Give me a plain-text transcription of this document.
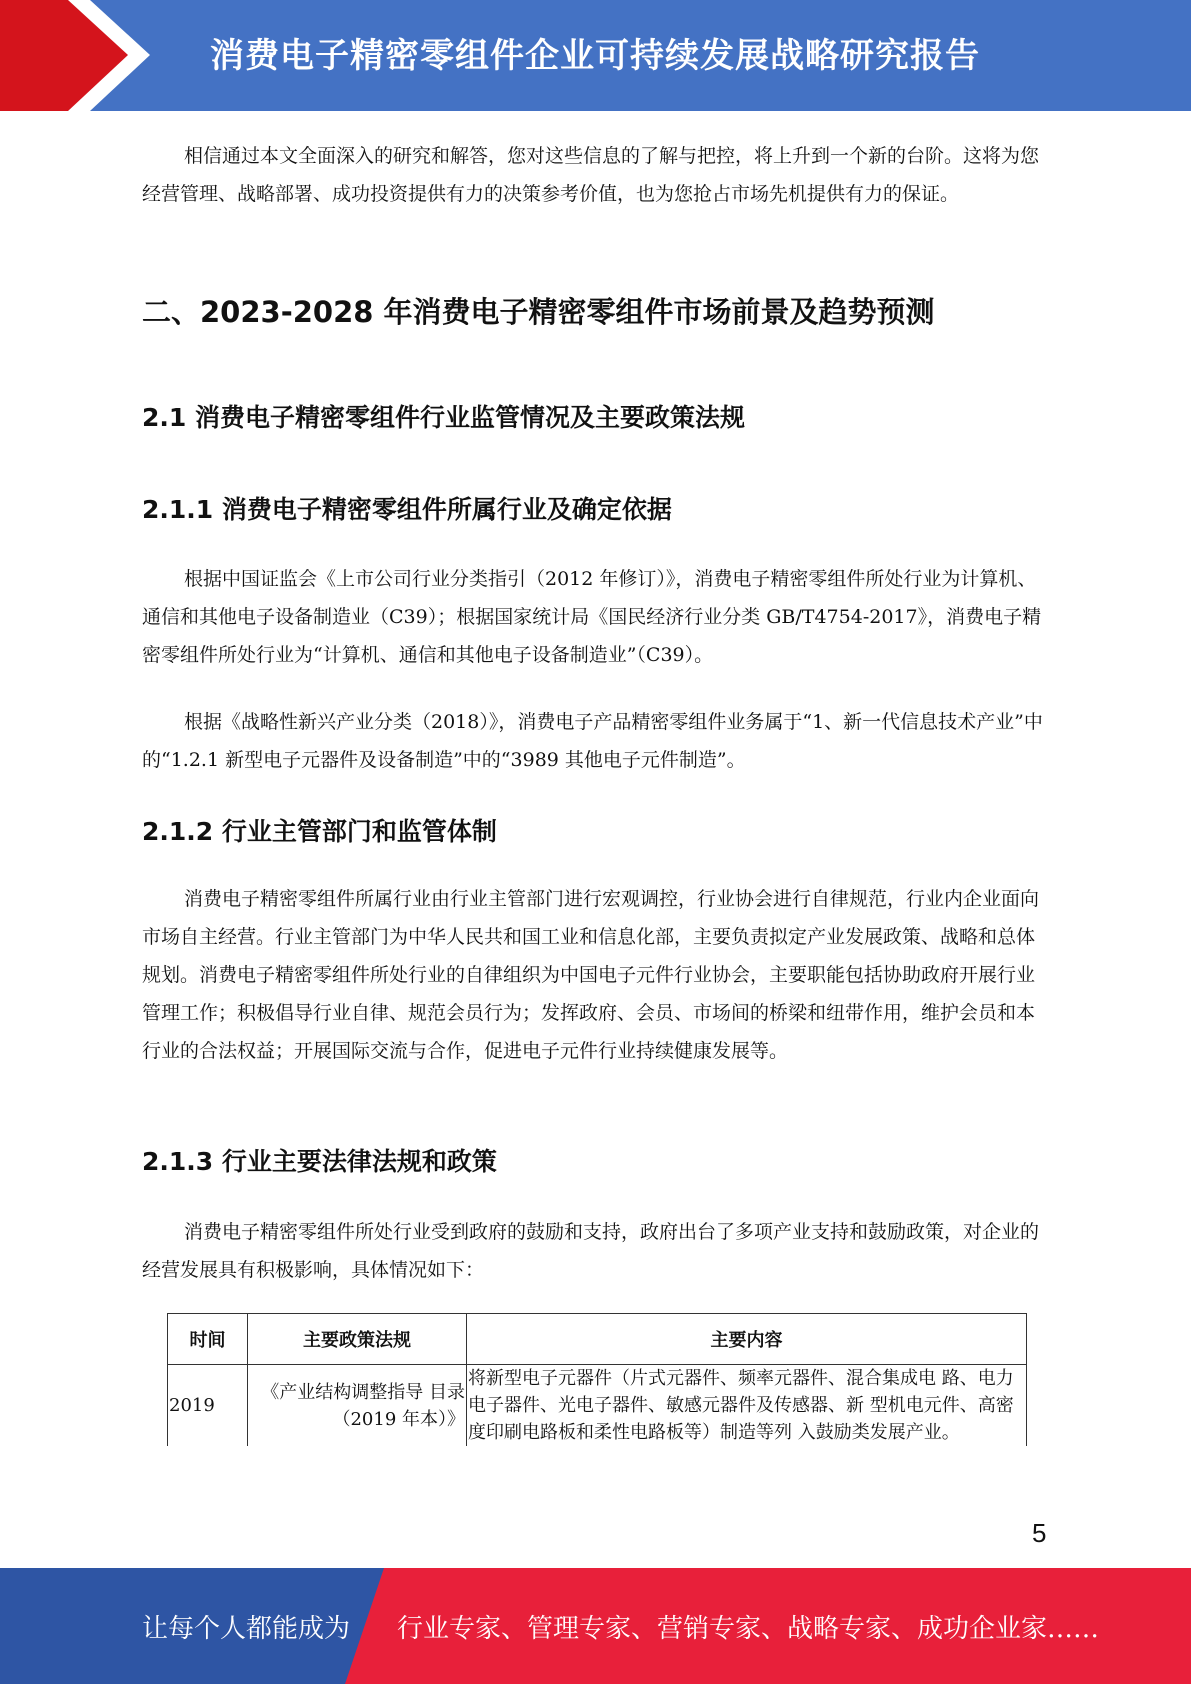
消费电子精密零组件企业可持续发展战略研究报告

相信通过本文全面深入的研究和解答，您对这些信息的了解与把控，将上升到一个新的台阶。这将为您经营管理、战略部署、成功投资提供有力的决策参考价值，也为您抢占市场先机提供有力的保证。

二、2023-2028 年消费电子精密零组件市场前景及趋势预测
2.1 消费电子精密零组件行业监管情况及主要政策法规
2.1.1 消费电子精密零组件所属行业及确定依据

根据中国证监会《上市公司行业分类指引（2012 年修订）》，消费电子精密零组件所处行业为计算机、通信和其他电子设备制造业（C39）；根据国家统计局《国民经济行业分类 GB/T4754-2017》，消费电子精密零组件所处行业为“计算机、通信和其他电子设备制造业”（C39）。

根据《战略性新兴产业分类（2018）》，消费电子产品精密零组件业务属于“1、新一代信息技术产业”中的“1.2.1 新型电子元器件及设备制造”中的“3989 其他电子元件制造”。

2.1.2 行业主管部门和监管体制

消费电子精密零组件所属行业由行业主管部门进行宏观调控，行业协会进行自律规范，行业内企业面向市场自主经营。行业主管部门为中华人民共和国工业和信息化部，主要负责拟定产业发展政策、战略和总体规划。消费电子精密零组件所处行业的自律组织为中国电子元件行业协会，主要职能包括协助政府开展行业管理工作；积极倡导行业自律、规范会员行为；发挥政府、会员、市场间的桥梁和纽带作用，维护会员和本行业的合法权益；开展国际交流与合作，促进电子元件行业持续健康发展等。

2.1.3 行业主要法律法规和政策

消费电子精密零组件所处行业受到政府的鼓励和支持，政府出台了多项产业支持和鼓励政策，对企业的经营发展具有积极影响，具体情况如下：

时间	主要政策法规	主要内容
2019	《产业结构调整指导 目录（2019 年本）》	将新型电子元器件（片式元器件、频率元器件、混合集成电 路、电力电子器件、光电子器件、敏感元器件及传感器、新 型机电元件、高密度印刷电路板和柔性电路板等）制造等列 入鼓励类发展产业。
5
让每个人都能成为 行业专家、管理专家、营销专家、战略专家、成功企业家……
